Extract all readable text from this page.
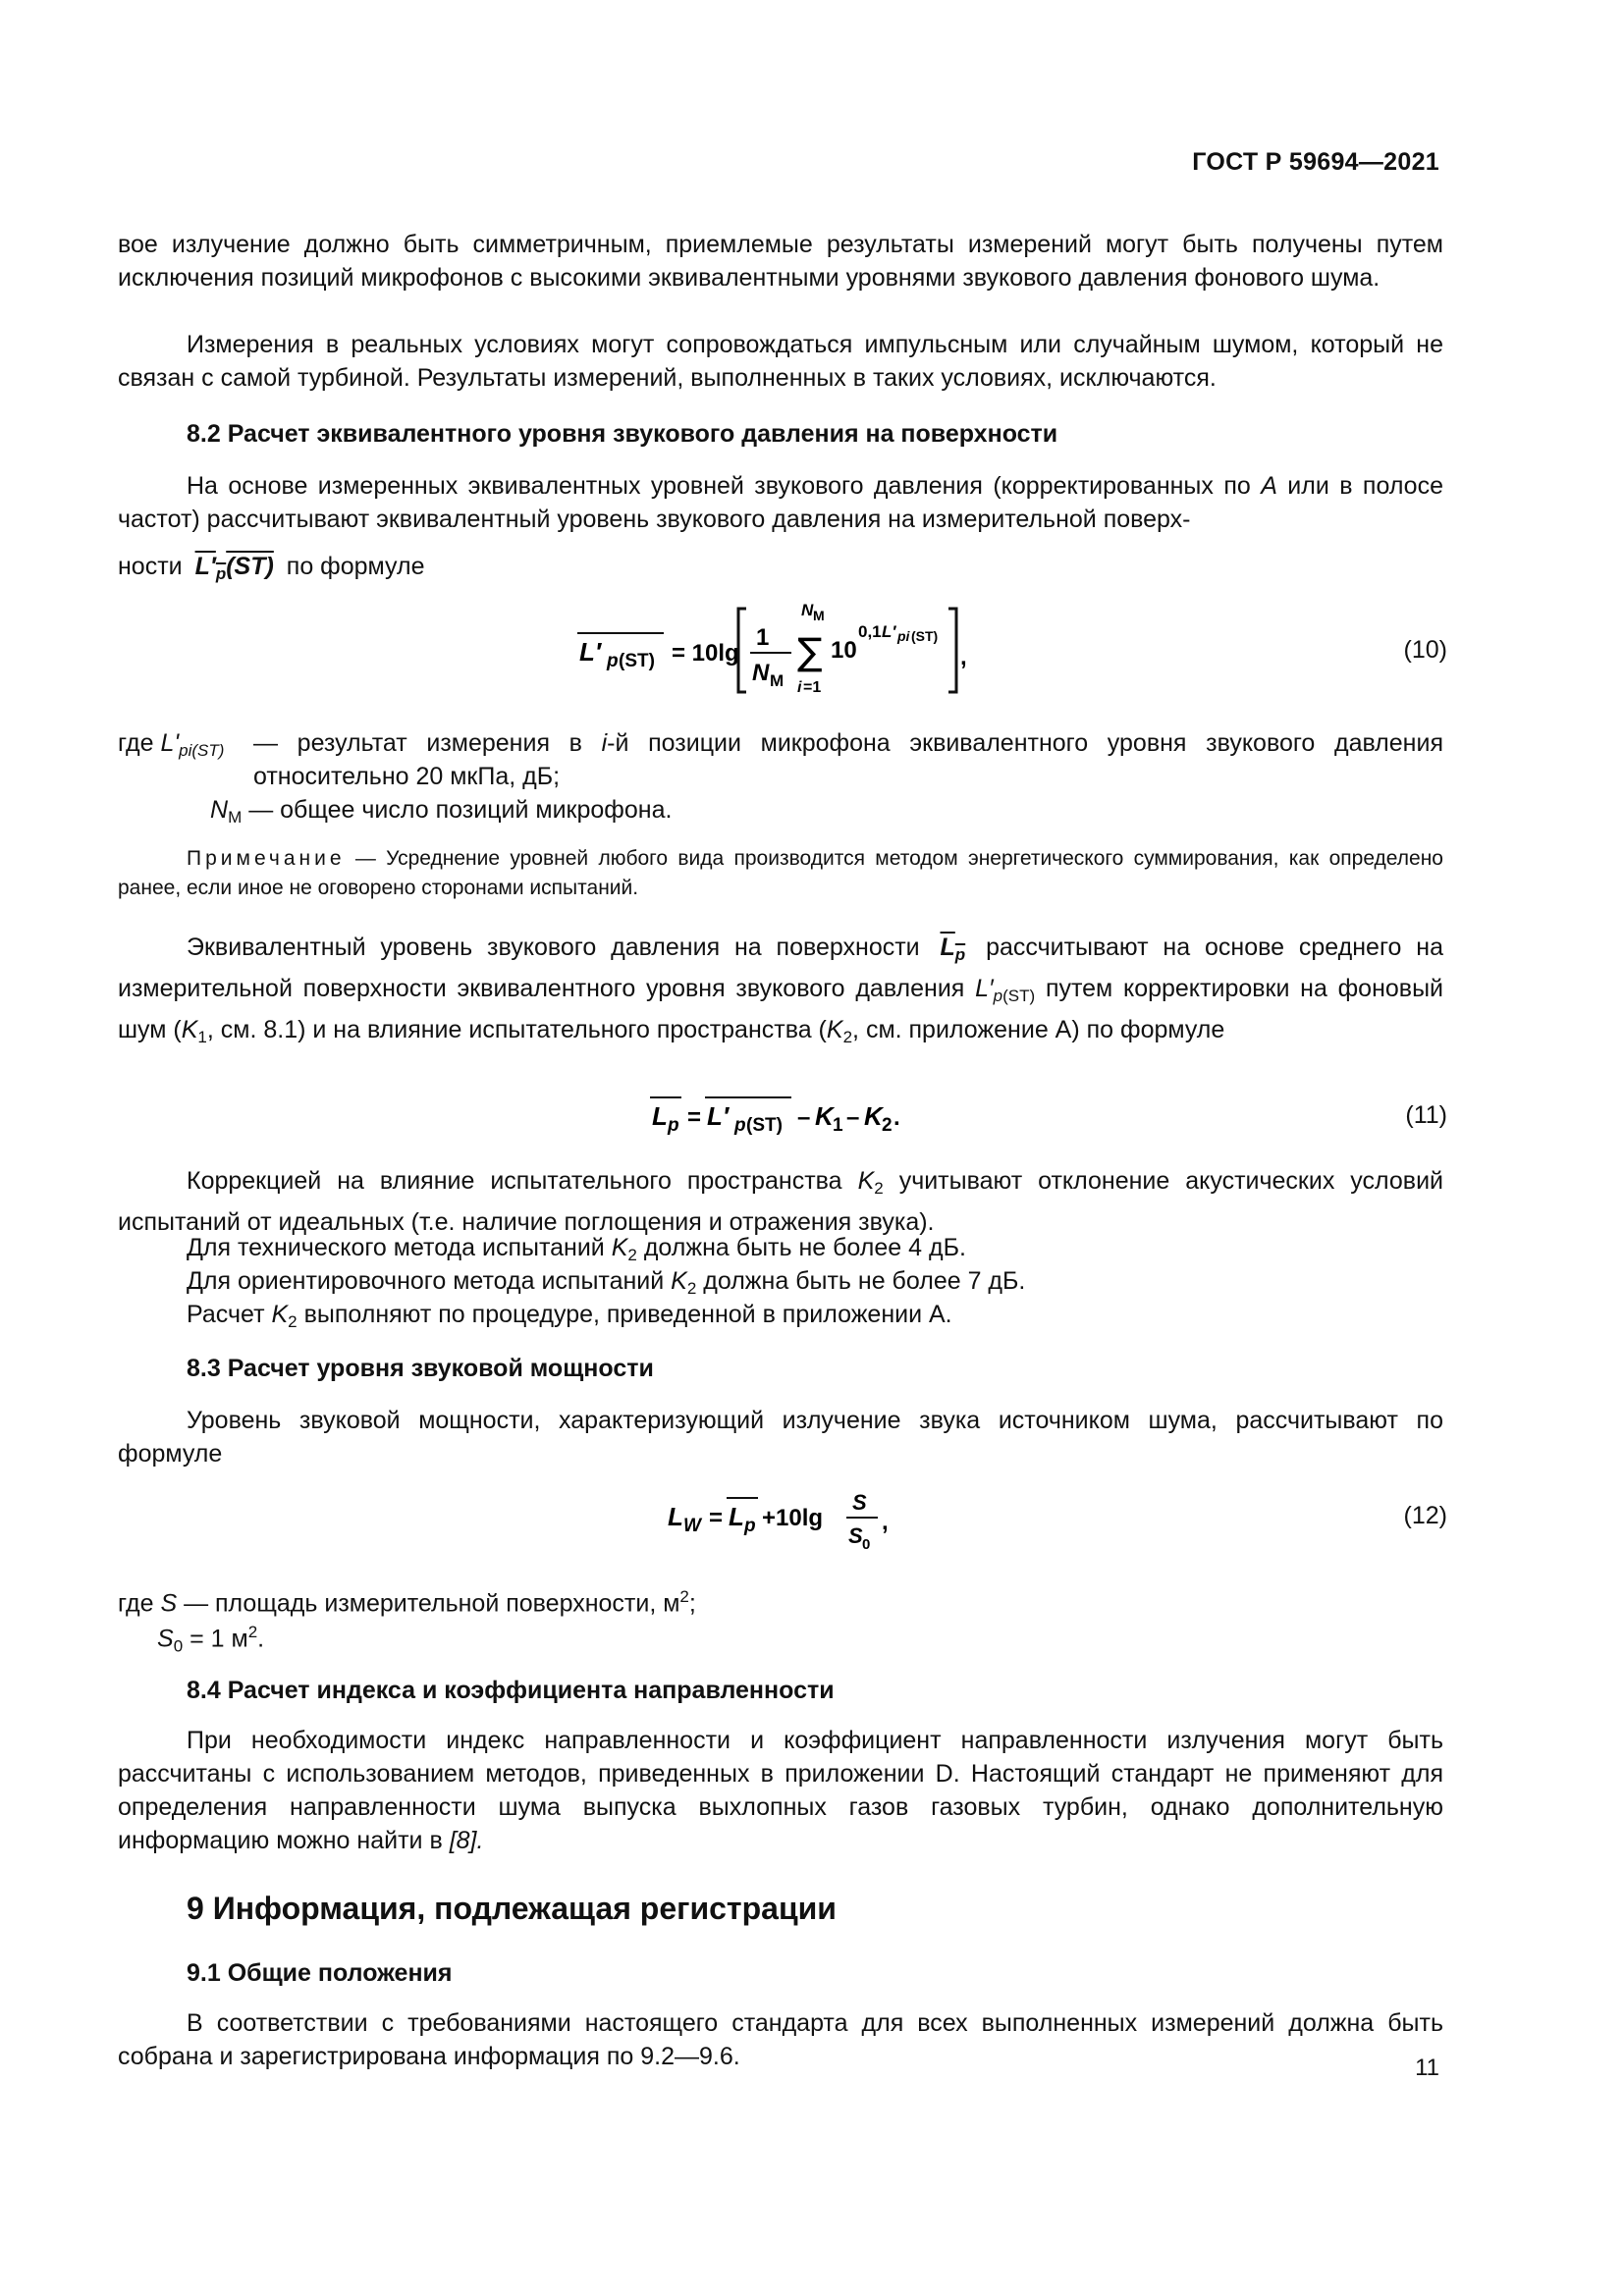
ГОСТ Р 59694—2021
вое излучение должно быть симметричным, приемлемые результаты измерений могут быть получены путем исключения позиций микрофонов с высокими эквивалентными уровнями звукового давления фонового шума.
Измерения в реальных условиях могут сопровождаться импульсным или случайным шумом, который не связан с самой турбиной. Результаты измерений, выполненных в таких условиях, исключаются.
8.2 Расчет эквивалентного уровня звукового давления на поверхности
На основе измеренных эквивалентных уровней звукового давления (корректированных по A или в полосе частот) рассчитывают эквивалентный уровень звукового давления на измерительной поверх-
ности $L'_p(ST)$ по формуле
L′ p (ST) = 10lg
1
N M
N M
∑
i =1
10
0,1 L′ pi (ST)
,	(10)
где $L'_{pi(ST)}$ — результат измерения в i-й позиции микрофона эквивалентного уровня звукового давления относительно 20 мкПа, дБ;
$N_M$ — общее число позиций микрофона.
Примечание — Усреднение уровней любого вида производится методом энергетического суммирования, как определено ранее, если иное не оговорено сторонами испытаний.
Эквивалентный уровень звукового давления на поверхности $L_p$ рассчитывают на основе среднего на измерительной поверхности эквивалентного уровня звукового давления $L'_{p(ST)}$ путем корректировки на фоновый шум ($K_1$, см. 8.1) и на влияние испытательного пространства ($K_2$, см. приложение А) по формуле
L p = L′ p (ST) – K 1 – K 2 .	(11)
Коррекцией на влияние испытательного пространства $K_2$ учитывают отклонение акустических условий испытаний от идеальных (т.е. наличие поглощения и отражения звука).
Для технического метода испытаний $K_2$ должна быть не более 4 дБ.
Для ориентировочного метода испытаний $K_2$ должна быть не более 7 дБ.
Расчет $K_2$ выполняют по процедуре, приведенной в приложении А.
8.3 Расчет уровня звуковой мощности
Уровень звуковой мощности, характеризующий излучение звука источником шума, рассчитывают по формуле
L W = L p +10lg
S
S 0
,	(12)
где S — площадь измерительной поверхности, $м^2$;
$S_0 = 1$ $м^2$.
8.4 Расчет индекса и коэффициента направленности
При необходимости индекс направленности и коэффициент направленности излучения могут быть рассчитаны с использованием методов, приведенных в приложении D. Настоящий стандарт не применяют для определения направленности шума выпуска выхлопных газов газовых турбин, однако дополнительную информацию можно найти в [8].
9 Информация, подлежащая регистрации
9.1 Общие положения
В соответствии с требованиями настоящего стандарта для всех выполненных измерений должна быть собрана и зарегистрирована информация по 9.2—9.6.	11
